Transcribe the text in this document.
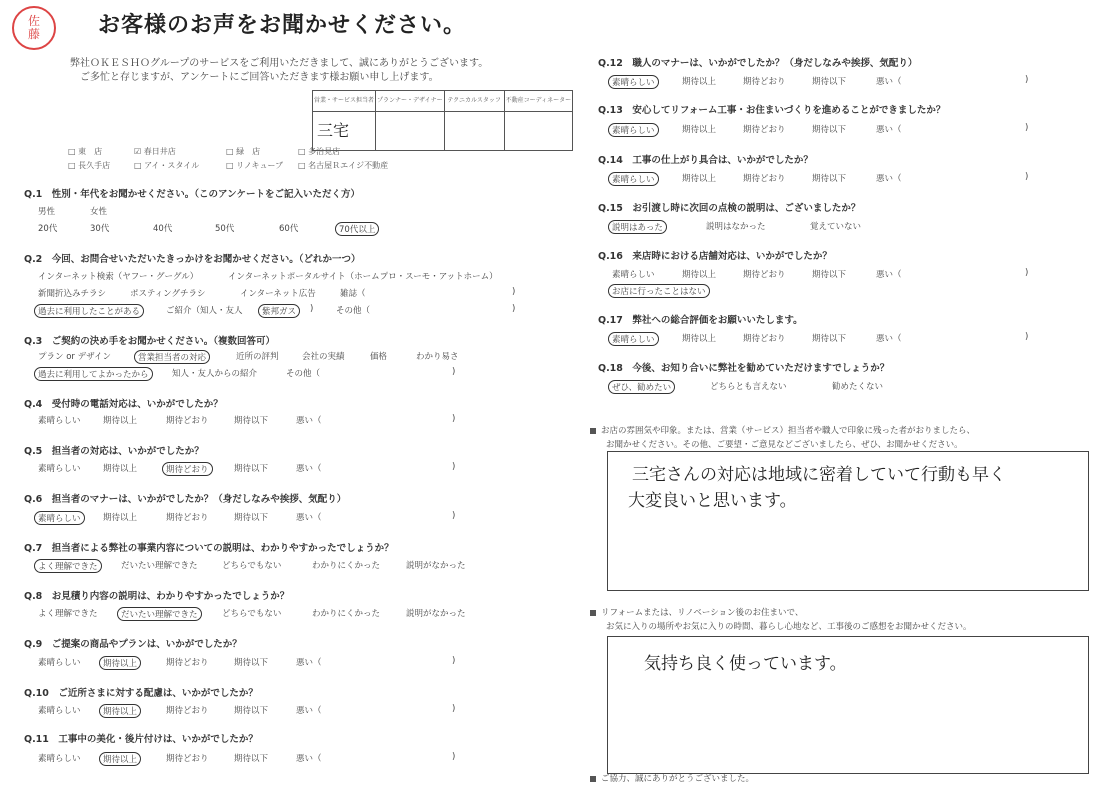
佐
藤	お客様のお声をお聞かせください。
弊社ＯＫＥＳＨＯグループのサービスをご利用いただきまして、誠にありがとうございます。
ご多忙と存じますが、アンケートにご回答いただきます様お願い申し上げます。
営業・サービス担当者	プランナー・デザイナー	テクニカルスタッフ	不動産コーディネーター
三宅			
□ 東　店	☑ 春日井店	□ 緑　店	□ 多治見店
□ 長久手店	□ アイ・スタイル	□ リノキューブ □ 名古屋Ｒエイジ不動産
Q.1　性別・年代をお聞かせください。（このアンケートをご記入いただく方）
男性	女性
20代	30代	40代	50代	60代	70代以上
Q.2　今回、お問合せいただいたきっかけをお聞かせください。（どれか一つ）
インターネット検索（ヤフー・グーグル）	インターネットポータルサイト（ホームプロ・スーモ・アットホーム）
新聞折込みチラシ	ポスティングチラシ	インターネット広告	雑誌（	)
過去に利用したことがある	ご紹介（知人・友人	紫邦ガス	)	その他（	)
Q.3　ご契約の決め手をお聞かせください。（複数回答可）
プラン or デザイン	営業担当者の対応	近所の評判	会社の実績	価格	わかり易さ
過去に利用してよかったから	知人・友人からの紹介	その他（	)
Q.4　受付時の電話対応は、いかがでしたか？
素晴らしい	期待以上	期待どおり	期待以下	悪い（	)
Q.5　担当者の対応は、いかがでしたか？
素晴らしい	期待以上	期待どおり	期待以下	悪い（	)
Q.6　担当者のマナーは、いかがでしたか？（身だしなみや挨拶、気配り）
素晴らしい	期待以上	期待どおり	期待以下	悪い（	)
Q.7　担当者による弊社の事業内容についての説明は、わかりやすかったでしょうか？
よく理解できた	だいたい理解できた	どちらでもない	わかりにくかった	説明がなかった
Q.8　お見積り内容の説明は、わかりやすかったでしょうか？
よく理解できた	だいたい理解できた	どちらでもない	わかりにくかった	説明がなかった
Q.9　ご提案の商品やプランは、いかがでしたか？
素晴らしい	期待以上	期待どおり	期待以下	悪い（	)
Q.10　ご近所さまに対する配慮は、いかがでしたか？
素晴らしい	期待以上	期待どおり	期待以下	悪い（	)
Q.11　工事中の美化・後片付けは、いかがでしたか？
素晴らしい	期待以上	期待どおり	期待以下	悪い（	)
Q.12　職人のマナーは、いかがでしたか？（身だしなみや挨拶、気配り）
素晴らしい	期待以上	期待どおり	期待以下	悪い（	)
Q.13　安心してリフォーム工事・お住まいづくりを進めることができましたか？
素晴らしい	期待以上	期待どおり	期待以下	悪い（	)
Q.14　工事の仕上がり具合は、いかがでしたか？
素晴らしい	期待以上	期待どおり	期待以下	悪い（	)
Q.15　お引渡し時に次回の点検の説明は、ございましたか？
説明はあった	説明はなかった	覚えていない
Q.16　来店時における店舗対応は、いかがでしたか？
素晴らしい	期待以上	期待どおり	期待以下	悪い（	)
お店に行ったことはない
Q.17　弊社への総合評価をお願いいたします。
素晴らしい	期待以上	期待どおり	期待以下	悪い（	)
Q.18　今後、お知り合いに弊社を勧めていただけますでしょうか？
ぜひ、勧めたい	どちらとも言えない	勧めたくない
お店の雰囲気や印象。または、営業（サービス）担当者や職人で印象に残った者がおりましたら、
お聞かせください。その他、ご要望・ご意見などございましたら、ぜひ、お聞かせください。
三宅さんの対応は地域に密着していて行動も早く
大変良いと思います。
リフォームまたは、リノベーション後のお住まいで、
お気に入りの場所やお気に入りの時間、暮らし心地など、工事後のご感想をお聞かせください。
気持ち良く使っています。
ご協力、誠にありがとうございました。
